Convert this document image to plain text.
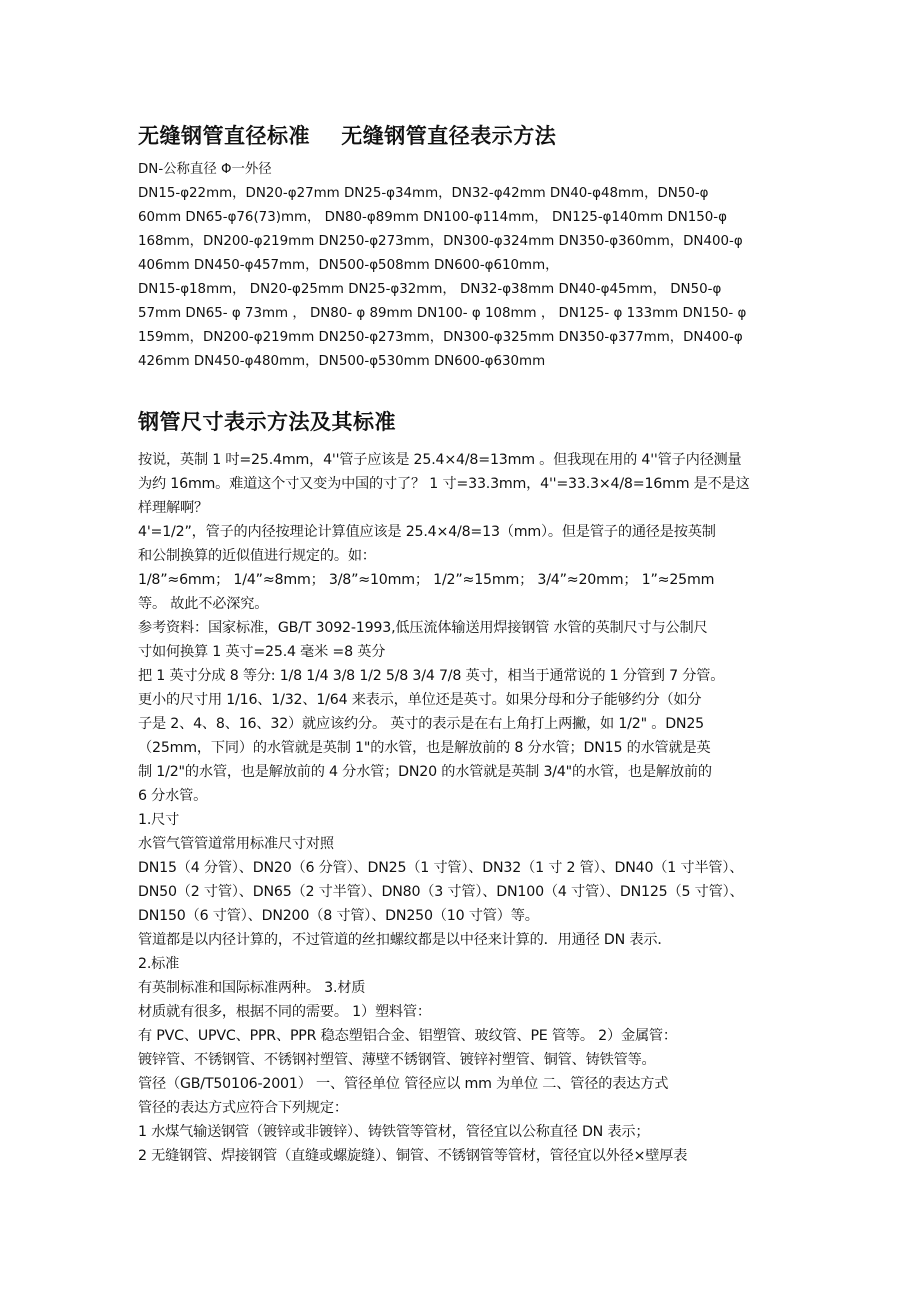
无缝钢管直径标准    无缝钢管直径表示方法
DN-公称直径 Φ一外径
DN15-φ22mm，DN20-φ27mm DN25-φ34mm，DN32-φ42mm DN40-φ48mm，DN50-φ
60mm DN65-φ76(73)mm， DN80-φ89mm DN100-φ114mm， DN125-φ140mm DN150-φ
168mm，DN200-φ219mm DN250-φ273mm，DN300-φ324mm DN350-φ360mm，DN400-φ
406mm DN450-φ457mm，DN500-φ508mm DN600-φ610mm，
DN15-φ18mm， DN20-φ25mm DN25-φ32mm， DN32-φ38mm DN40-φ45mm， DN50-φ
57mm DN65- φ 73mm ， DN80- φ 89mm DN100- φ 108mm ， DN125- φ 133mm DN150- φ
159mm，DN200-φ219mm DN250-φ273mm，DN300-φ325mm DN350-φ377mm，DN400-φ
426mm DN450-φ480mm，DN500-φ530mm DN600-φ630mm
钢管尺寸表示方法及其标准
按说，英制 1 吋=25.4mm，4''管子应该是 25.4×4/8=13mm 。但我现在用的 4''管子内径测量
为约 16mm。难道这个寸又变为中国的寸了？ 1 寸=33.3mm，4''=33.3×4/8=16mm 是不是这
样理解啊？
4'=1/2”，管子的内径按理论计算值应该是 25.4×4/8=13（mm）。但是管子的通径是按英制
和公制换算的近似值进行规定的。如：
1/8”≈6mm； 1/4”≈8mm； 3/8”≈10mm； 1/2”≈15mm； 3/4”≈20mm； 1”≈25mm
等。 故此不必深究。
参考资料：国家标准，GB/T 3092-1993,低压流体输送用焊接钢管 水管的英制尺寸与公制尺
寸如何换算 1 英寸=25.4 毫米 =8 英分
把 1 英寸分成 8 等分: 1/8 1/4 3/8 1/2 5/8 3/4 7/8 英寸，相当于通常说的 1 分管到 7 分管。
更小的尺寸用 1/16、1/32、1/64 来表示，单位还是英寸。如果分母和分子能够约分（如分
子是 2、4、8、16、32）就应该约分。 英寸的表示是在右上角打上两撇，如 1/2" 。DN25
（25mm，下同）的水管就是英制 1"的水管，也是解放前的 8 分水管；DN15 的水管就是英
制 1/2"的水管，也是解放前的 4 分水管；DN20 的水管就是英制 3/4"的水管，也是解放前的
6 分水管。
1.尺寸
水管气管管道常用标准尺寸对照
DN15（4 分管）、DN20（6 分管）、DN25（1 寸管）、DN32（1 寸 2 管）、DN40（1 寸半管）、
DN50（2 寸管）、DN65（2 寸半管）、DN80（3 寸管）、DN100（4 寸管）、DN125（5 寸管）、
DN150（6 寸管）、DN200（8 寸管）、DN250（10 寸管）等。
管道都是以内径计算的，不过管道的丝扣螺纹都是以中径来计算的．用通径 DN 表示．
2.标准
有英制标准和国际标准两种。 3.材质
材质就有很多，根据不同的需要。 1）塑料管：
有 PVC、UPVC、PPR、PPR 稳态塑铝合金、铝塑管、玻纹管、PE 管等。 2）金属管：
镀锌管、不锈钢管、不锈钢衬塑管、薄壁不锈钢管、镀锌衬塑管、铜管、铸铁管等。
管径（GB/T50106-2001） 一、管径单位 管径应以 mm 为单位 二、管径的表达方式
管径的表达方式应符合下列规定：
1 水煤气输送钢管（镀锌或非镀锌）、铸铁管等管材，管径宜以公称直径 DN 表示；
2 无缝钢管、焊接钢管（直缝或螺旋缝）、铜管、不锈钢管等管材，管径宜以外径×壁厚表
